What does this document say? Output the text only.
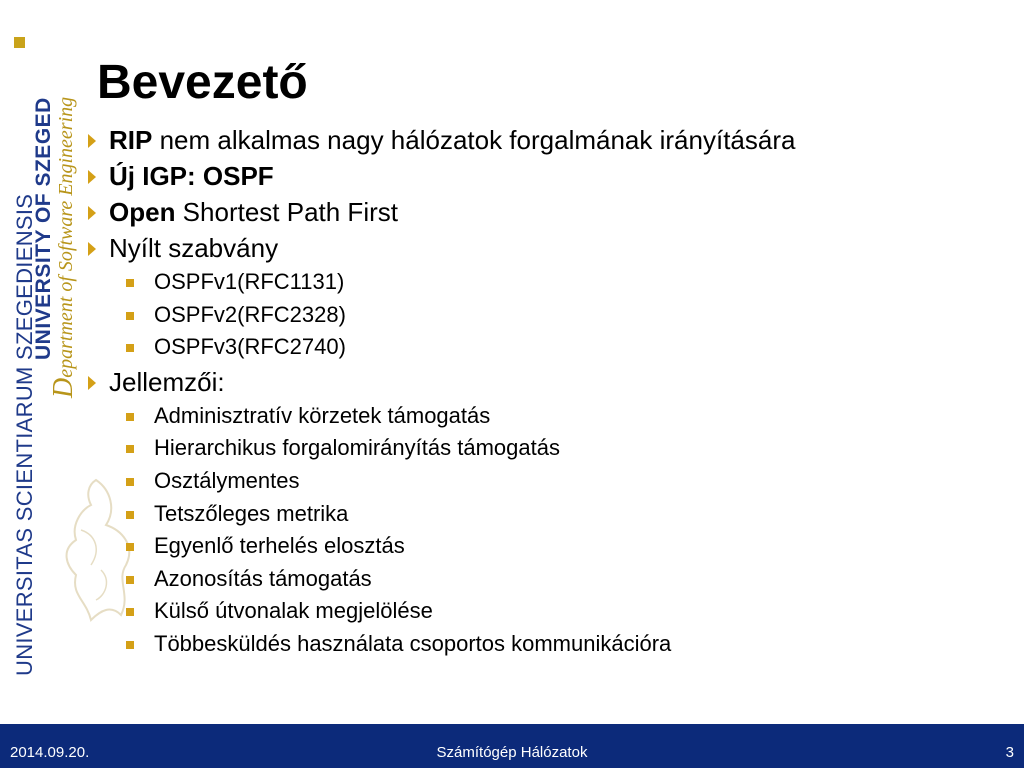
UNIVERSITAS SCIENTIARUM SZEGEDIENSIS
UNIVERSITY OF SZEGED
Department of Software Engineering
Bevezető
RIP nem alkalmas nagy hálózatok forgalmának irányítására
Új IGP: OSPF
Open Shortest Path First
Nyílt szabvány
OSPFv1(RFC1131)
OSPFv2(RFC2328)
OSPFv3(RFC2740)
Jellemzői:
Adminisztratív körzetek támogatás
Hierarchikus forgalomirányítás támogatás
Osztálymentes
Tetszőleges metrika
Egyenlő terhelés elosztás
Azonosítás támogatás
Külső útvonalak megjelölése
Többesküldés használata csoportos kommunikációra
2014.09.20.	Számítógép Hálózatok	3
